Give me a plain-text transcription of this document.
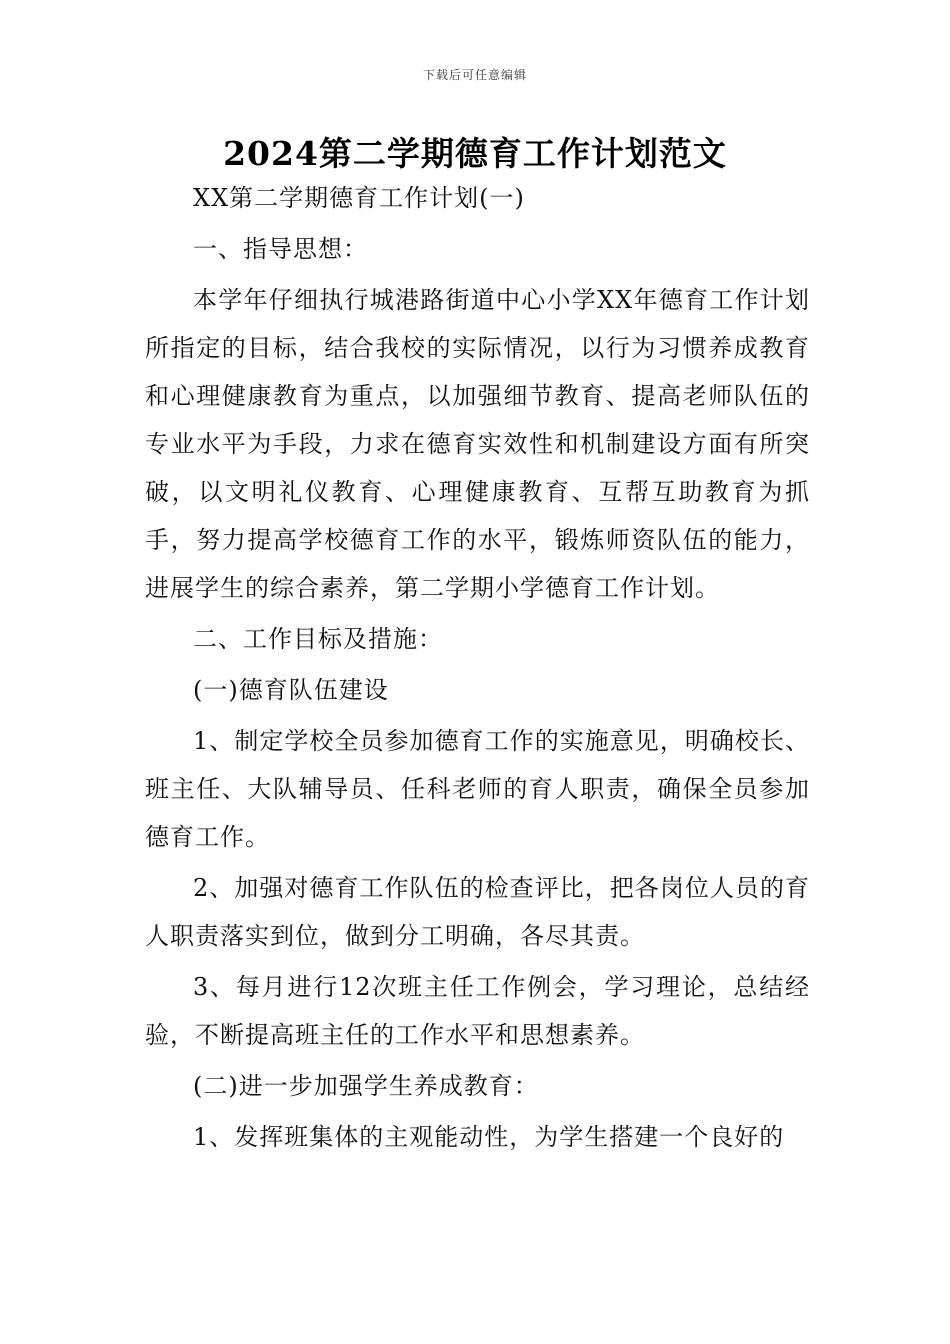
下载后可任意编辑
2024第二学期德育工作计划范文

XX第二学期德育工作计划(一)

一、指导思想：

本学年仔细执行城港路街道中心小学XX年德育工作计划所指定的目标，结合我校的实际情况，以行为习惯养成教育和心理健康教育为重点，以加强细节教育、提高老师队伍的专业水平为手段，力求在德育实效性和机制建设方面有所突破，以文明礼仪教育、心理健康教育、互帮互助教育为抓手，努力提高学校德育工作的水平，锻炼师资队伍的能力，进展学生的综合素养，第二学期小学德育工作计划。

二、工作目标及措施：

(一)德育队伍建设

1、制定学校全员参加德育工作的实施意见，明确校长、班主任、大队辅导员、任科老师的育人职责，确保全员参加德育工作。

2、加强对德育工作队伍的检查评比，把各岗位人员的育人职责落实到位，做到分工明确，各尽其责。

3、每月进行12次班主任工作例会，学习理论，总结经验，不断提高班主任的工作水平和思想素养。

(二)进一步加强学生养成教育：

1、发挥班集体的主观能动性，为学生搭建一个良好的
